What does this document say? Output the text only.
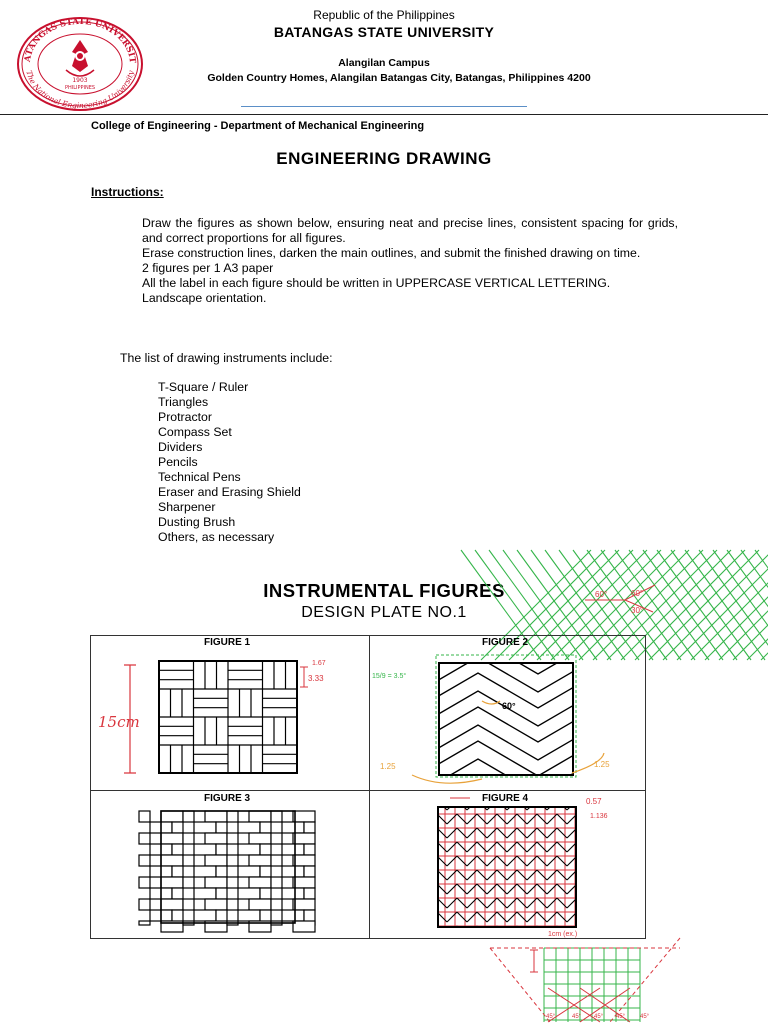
BATANGAS STATE UNIVERSITY
The National Engineering University
1903
PHILIPPINES
Republic of the Philippines
BATANGAS STATE UNIVERSITY
Alangilan Campus
Golden Country Homes, Alangilan Batangas City, Batangas, Philippines 4200
College of Engineering - Department of Mechanical Engineering
ENGINEERING DRAWING
Instructions:

Draw the figures as shown below, ensuring neat and precise lines, consistent spacing for grids, and correct proportions for all figures.

Erase construction lines, darken the main outlines, and submit the finished drawing on time.

2 figures per 1 A3 paper

All the label in each figure should be written in UPPERCASE VERTICAL LETTERING.

Landscape orientation.

The list of drawing instruments include:
T-Square / Ruler
Triangles
Protractor
Compass Set
Dividers
Pencils
Technical Pens
Eraser and Erasing Shield
Sharpener
Dusting Brush
Others, as necessary
INSTRUMENTAL FIGURES
DESIGN PLATE NO.1
60°	60°
30°
FIGURE 1	FIGURE 2
FIGURE 3	FIGURE 4
15cm
3.33
1.67
15/9 = 3.5°
60°
1.25	1.25
0.57
1.136
1cm (ex.)
45°	45° 45° 45° 45°
